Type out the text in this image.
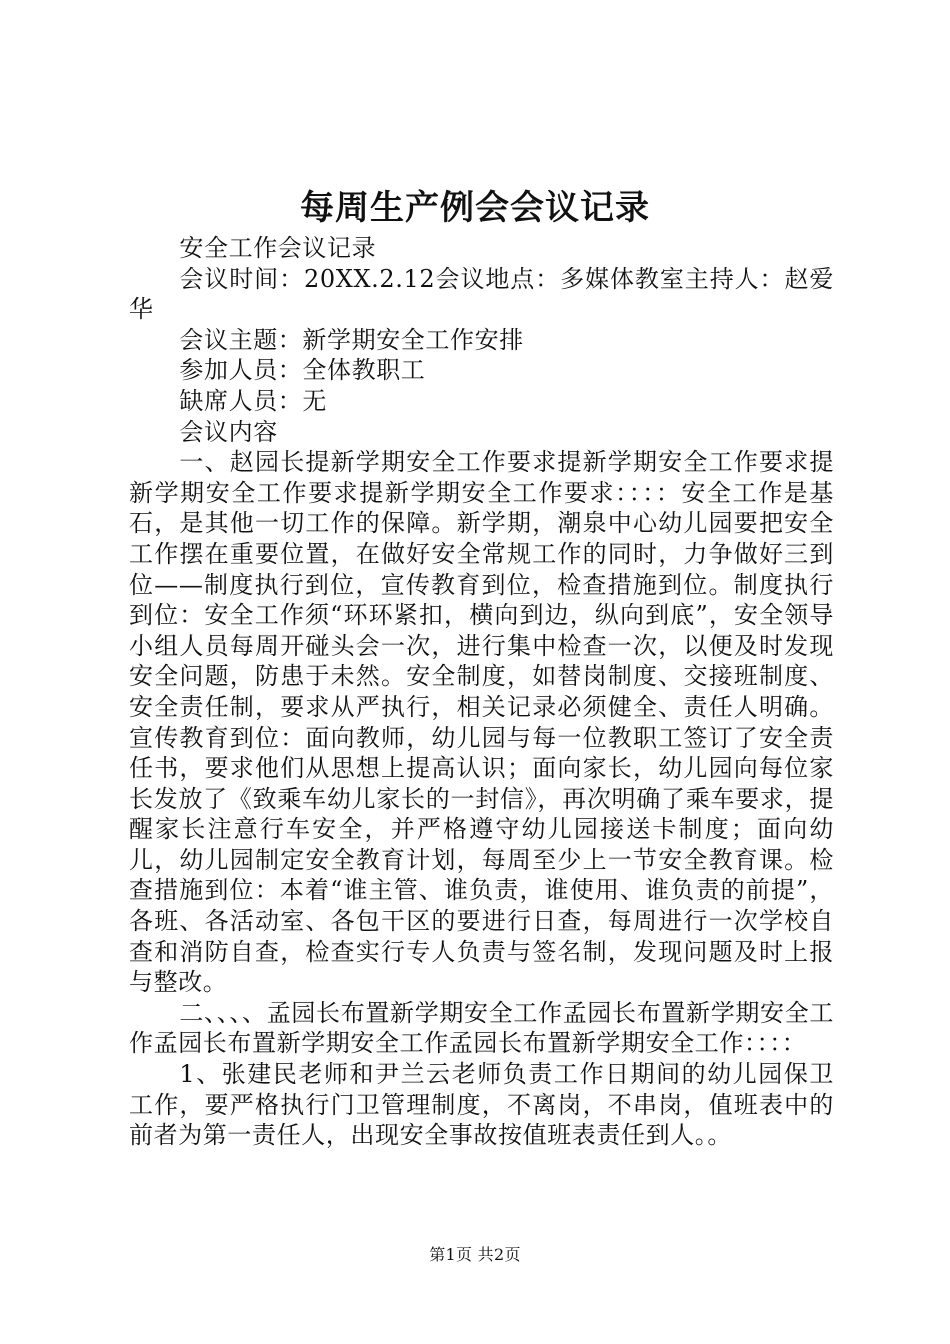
每周生产例会会议记录

安全工作会议记录

会议时间：20XX.2.12会议地点：多媒体教室主持人：赵爱华

会议主题：新学期安全工作安排

参加人员：全体教职工

缺席人员：无

会议内容

一、赵园长提新学期安全工作要求提新学期安全工作要求提新学期安全工作要求提新学期安全工作要求：：：：安全工作是基石，是其他一切工作的保障。新学期，潮泉中心幼儿园要把安全工作摆在重要位置，在做好安全常规工作的同时，力争做好三到位——制度执行到位，宣传教育到位，检查措施到位。制度执行到位：安全工作须“环环紧扣，横向到边，纵向到底”，安全领导小组人员每周开碰头会一次，进行集中检查一次，以便及时发现安全问题，防患于未然。安全制度，如替岗制度、交接班制度、安全责任制，要求从严执行，相关记录必须健全、责任人明确。宣传教育到位：面向教师，幼儿园与每一位教职工签订了安全责任书，要求他们从思想上提高认识；面向家长，幼儿园向每位家长发放了《致乘车幼儿家长的一封信》，再次明确了乘车要求，提醒家长注意行车安全，并严格遵守幼儿园接送卡制度；面向幼儿，幼儿园制定安全教育计划，每周至少上一节安全教育课。检查措施到位：本着“谁主管、谁负责，谁使用、谁负责的前提”，各班、各活动室、各包干区的要进行日查，每周进行一次学校自查和消防自查，检查实行专人负责与签名制，发现问题及时上报与整改。

二、、、、孟园长布置新学期安全工作孟园长布置新学期安全工作孟园长布置新学期安全工作孟园长布置新学期安全工作：：：：

1、张建民老师和尹兰云老师负责工作日期间的幼儿园保卫工作，要严格执行门卫管理制度，不离岗，不串岗，值班表中的前者为第一责任人，出现安全事故按值班表责任到人。。

第1页 共2页
